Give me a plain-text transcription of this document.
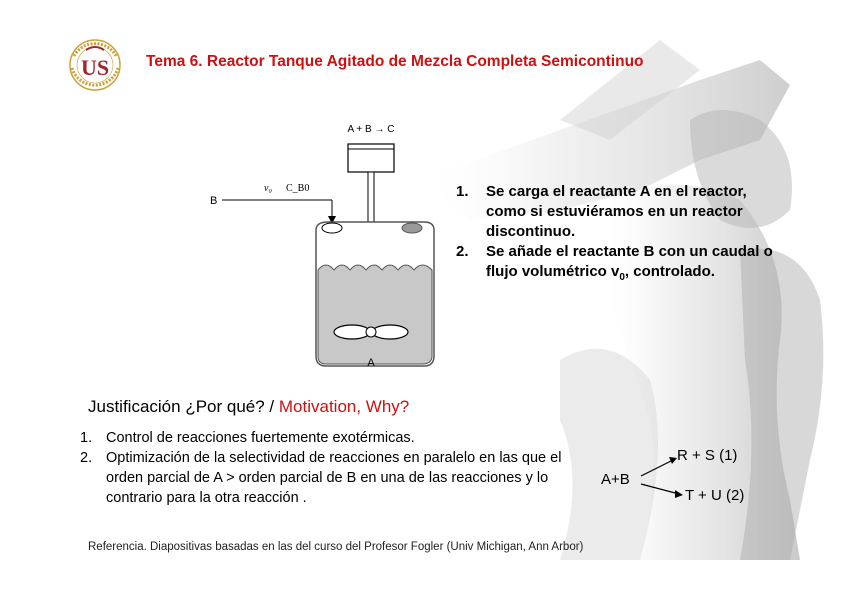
US Tema 6. Reactor Tanque Agitado de Mezcla Completa Semicontinuo
A + B → C
B
v₀ C_B0
A
1. Se carga el reactante A en el reactor, como si estuviéramos en un reactor discontinuo.
2. Se añade el reactante B con un caudal o flujo volumétrico $v_0$, controlado.
Justificación ¿Por qué? / Motivation, Why?
1. Control de reacciones fuertemente exotérmicas.
2. Optimización de la selectividad de reacciones en paralelo en las que el orden parcial de A > orden parcial de B en una de las reacciones y lo contrario para la otra reacción .
A+B
R + S (1)
T + U (2)
Referencia. Diapositivas basadas en las del curso del Profesor Fogler (Univ Michigan, Ann Arbor)
